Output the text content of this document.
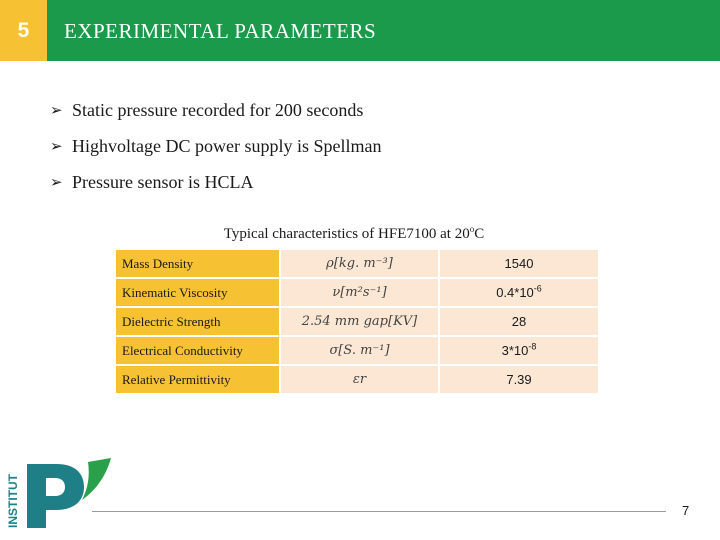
5 EXPERIMENTAL PARAMETERS
➢ Static pressure recorded for 200 seconds
➢ Highvoltage DC power supply is Spellman
➢ Pressure sensor is HCLA
Typical characteristics of HFE7100 at 20$^o$C
Mass Density	ρ[kg. m⁻³]	1540
Kinematic Viscosity	ν[m²s⁻¹]	$0.4*10^{-6}$
Dielectric Strength	2.54 mm gap[KV]	28
Electrical Conductivity	σ[S. m⁻¹]	$3*10^{-8}$
Relative Permittivity	εr	7.39
INSTITUT	7
